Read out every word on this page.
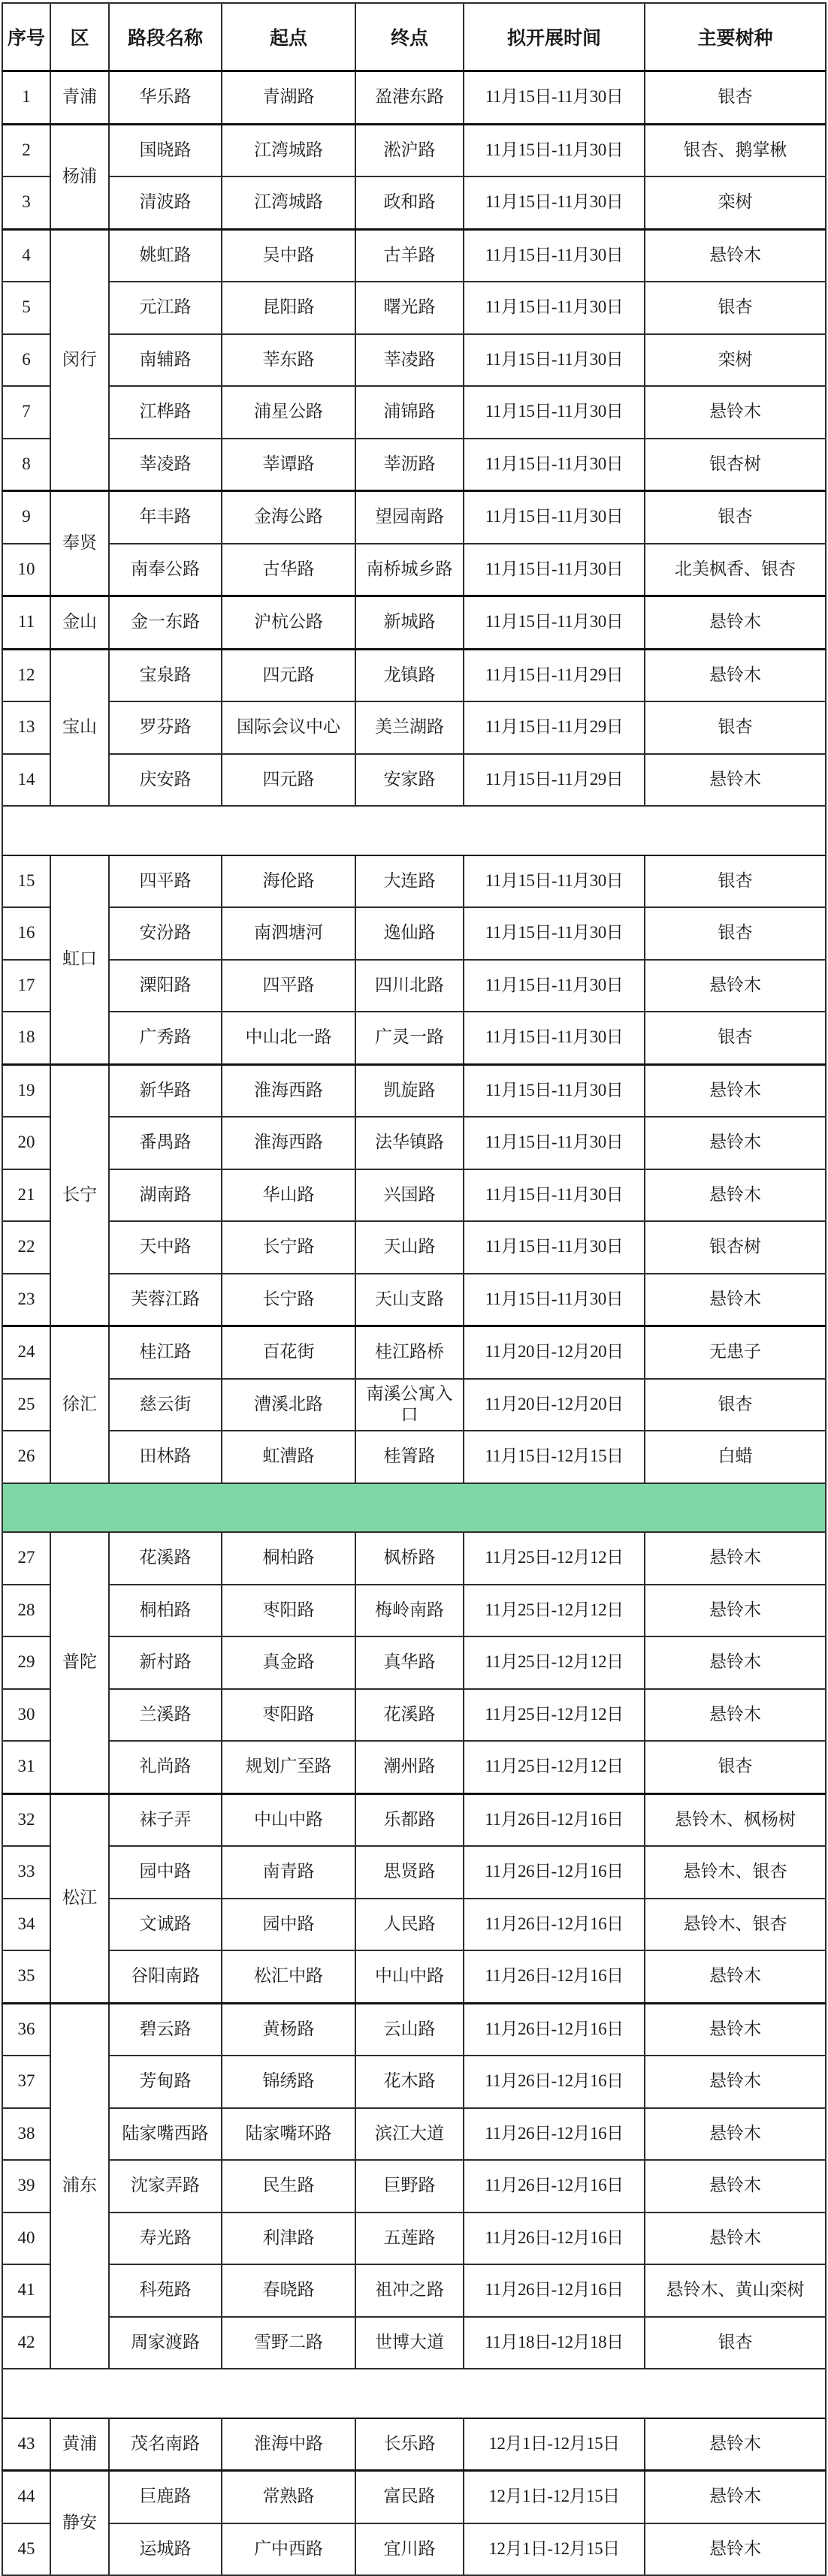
序号	区	路段名称	起点	终点	拟开展时间	主要树种
1	青浦	华乐路	青湖路	盈港东路	11月15日-11月30日	银杏
2	杨浦	国晓路	江湾城路	淞沪路	11月15日-11月30日	银杏、鹅掌楸
3		清波路	江湾城路	政和路	11月15日-11月30日	栾树
4	闵行	姚虹路	吴中路	古羊路	11月15日-11月30日	悬铃木
5		元江路	昆阳路	曙光路	11月15日-11月30日	银杏
6		南辅路	莘东路	莘凌路	11月15日-11月30日	栾树
7		江桦路	浦星公路	浦锦路	11月15日-11月30日	悬铃木
8		莘凌路	莘谭路	莘沥路	11月15日-11月30日	银杏树
9	奉贤	年丰路	金海公路	望园南路	11月15日-11月30日	银杏
10		南奉公路	古华路	南桥城乡路	11月15日-11月30日	北美枫香、银杏
11	金山	金一东路	沪杭公路	新城路	11月15日-11月30日	悬铃木
12	宝山	宝泉路	四元路	龙镇路	11月15日-11月29日	悬铃木
13		罗芬路	国际会议中心	美兰湖路	11月15日-11月29日	银杏
14		庆安路	四元路	安家路	11月15日-11月29日	悬铃木

15	虹口	四平路	海伦路	大连路	11月15日-11月30日	银杏
16		安汾路	南泗塘河	逸仙路	11月15日-11月30日	银杏
17		溧阳路	四平路	四川北路	11月15日-11月30日	悬铃木
18		广秀路	中山北一路	广灵一路	11月15日-11月30日	银杏
19	长宁	新华路	淮海西路	凯旋路	11月15日-11月30日	悬铃木
20		番禺路	淮海西路	法华镇路	11月15日-11月30日	悬铃木
21		湖南路	华山路	兴国路	11月15日-11月30日	悬铃木
22		天中路	长宁路	天山路	11月15日-11月30日	银杏树
23		芙蓉江路	长宁路	天山支路	11月15日-11月30日	悬铃木
24	徐汇	桂江路	百花街	桂江路桥	11月20日-12月20日	无患子
25		慈云街	漕溪北路	南溪公寓入口	11月20日-12月20日	银杏
26		田林路	虹漕路	桂箐路	11月15日-12月15日	白蜡

27	普陀	花溪路	桐柏路	枫桥路	11月25日-12月12日	悬铃木
28		桐柏路	枣阳路	梅岭南路	11月25日-12月12日	悬铃木
29		新村路	真金路	真华路	11月25日-12月12日	悬铃木
30		兰溪路	枣阳路	花溪路	11月25日-12月12日	悬铃木
31		礼尚路	规划广至路	潮州路	11月25日-12月12日	银杏
32	松江	袜子弄	中山中路	乐都路	11月26日-12月16日	悬铃木、枫杨树
33		园中路	南青路	思贤路	11月26日-12月16日	悬铃木、银杏
34		文诚路	园中路	人民路	11月26日-12月16日	悬铃木、银杏
35		谷阳南路	松汇中路	中山中路	11月26日-12月16日	悬铃木
36	浦东	碧云路	黄杨路	云山路	11月26日-12月16日	悬铃木
37		芳甸路	锦绣路	花木路	11月26日-12月16日	悬铃木
38		陆家嘴西路	陆家嘴环路	滨江大道	11月26日-12月16日	悬铃木
39		沈家弄路	民生路	巨野路	11月26日-12月16日	悬铃木
40		寿光路	利津路	五莲路	11月26日-12月16日	悬铃木
41		科苑路	春晓路	祖冲之路	11月26日-12月16日	悬铃木、黄山栾树
42		周家渡路	雪野二路	世博大道	11月18日-12月18日	银杏

43	黄浦	茂名南路	淮海中路	长乐路	12月1日-12月15日	悬铃木
44	静安	巨鹿路	常熟路	富民路	12月1日-12月15日	悬铃木
45		运城路	广中西路	宜川路	12月1日-12月15日	悬铃木
